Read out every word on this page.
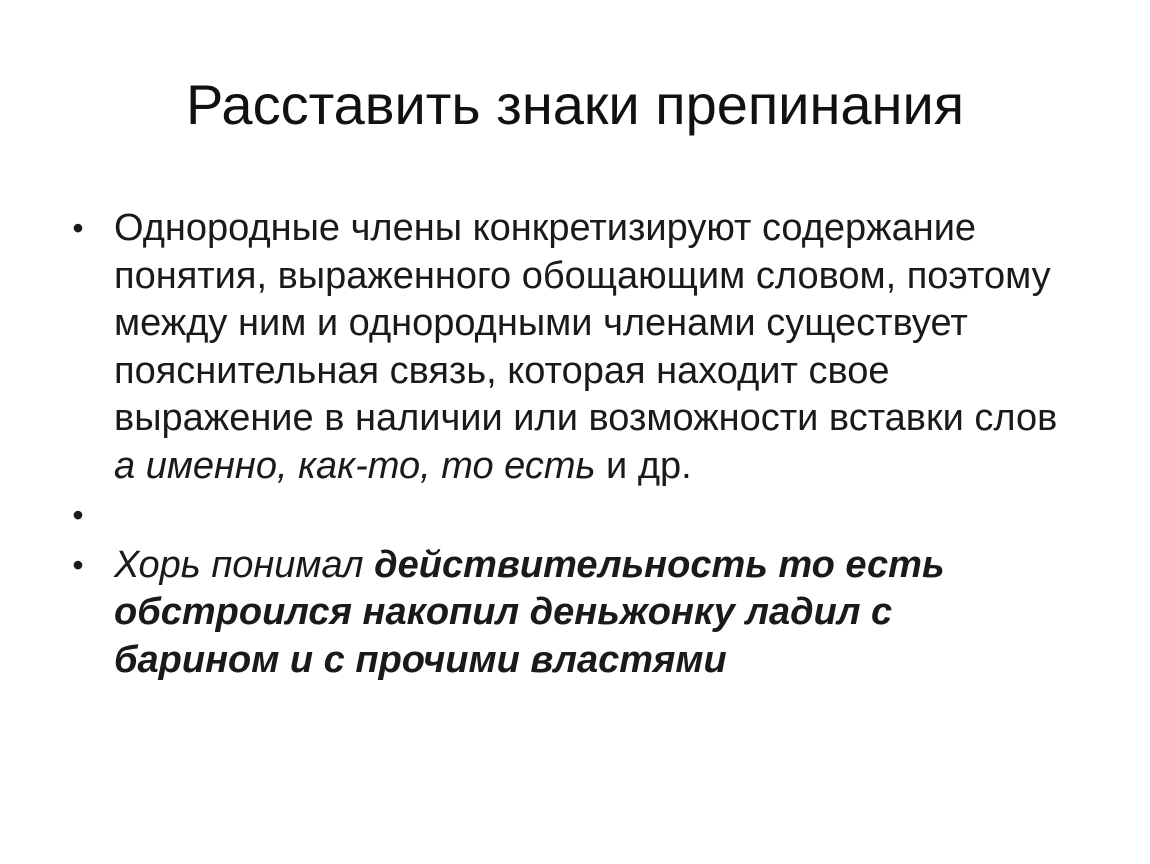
Расставить знаки препинания
• Однородные члены конкретизируют содержание понятия, выраженного обощающим словом, поэтому между ним и однородными членами существует пояснительная связь, которая находит свое выражение в наличии или возможности вставки слов а именно, как-то, то есть и др.
•
• Хорь понимал действительность то есть обстроился накопил деньжонку ладил с барином и с прочими властями
